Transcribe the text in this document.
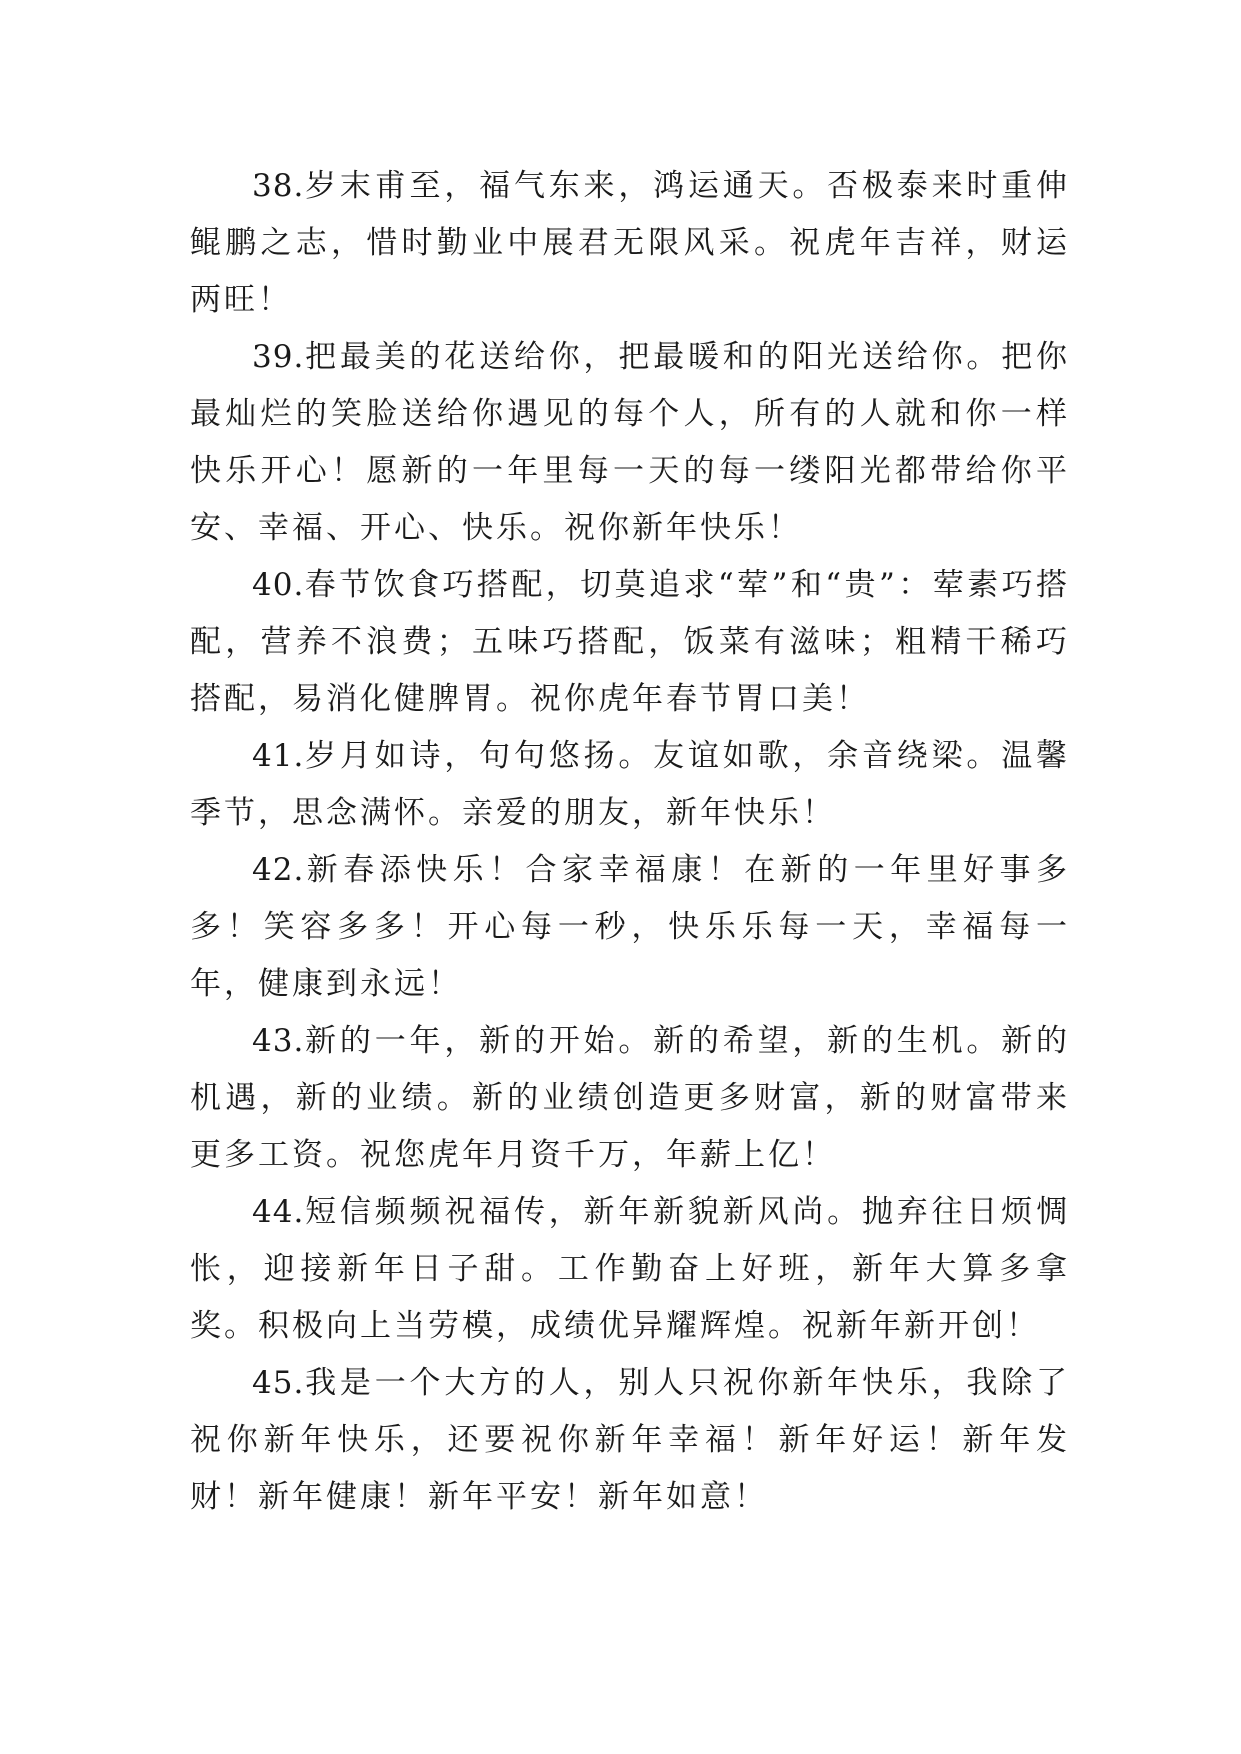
38.岁末甫至，福气东来，鸿运通天。否极泰来时重伸鲲鹏之志，惜时勤业中展君无限风采。祝虎年吉祥，财运两旺！

39.把最美的花送给你，把最暖和的阳光送给你。把你最灿烂的笑脸送给你遇见的每个人，所有的人就和你一样快乐开心！愿新的一年里每一天的每一缕阳光都带给你平安、幸福、开心、快乐。祝你新年快乐！

40.春节饮食巧搭配，切莫追求“荤”和“贵”：荤素巧搭配，营养不浪费；五味巧搭配，饭菜有滋味；粗精干稀巧搭配，易消化健脾胃。祝你虎年春节胃口美！

41.岁月如诗，句句悠扬。友谊如歌，余音绕梁。温馨季节，思念满怀。亲爱的朋友，新年快乐！

42.新春添快乐！合家幸福康！在新的一年里好事多多！笑容多多！开心每一秒，快乐乐每一天，幸福每一年，健康到永远！

43.新的一年，新的开始。新的希望，新的生机。新的机遇，新的业绩。新的业绩创造更多财富，新的财富带来更多工资。祝您虎年月资千万，年薪上亿！

44.短信频频祝福传，新年新貌新风尚。抛弃往日烦惆怅，迎接新年日子甜。工作勤奋上好班，新年大算多拿奖。积极向上当劳模，成绩优异耀辉煌。祝新年新开创！

45.我是一个大方的人，别人只祝你新年快乐，我除了祝你新年快乐，还要祝你新年幸福！新年好运！新年发财！新年健康！新年平安！新年如意！
